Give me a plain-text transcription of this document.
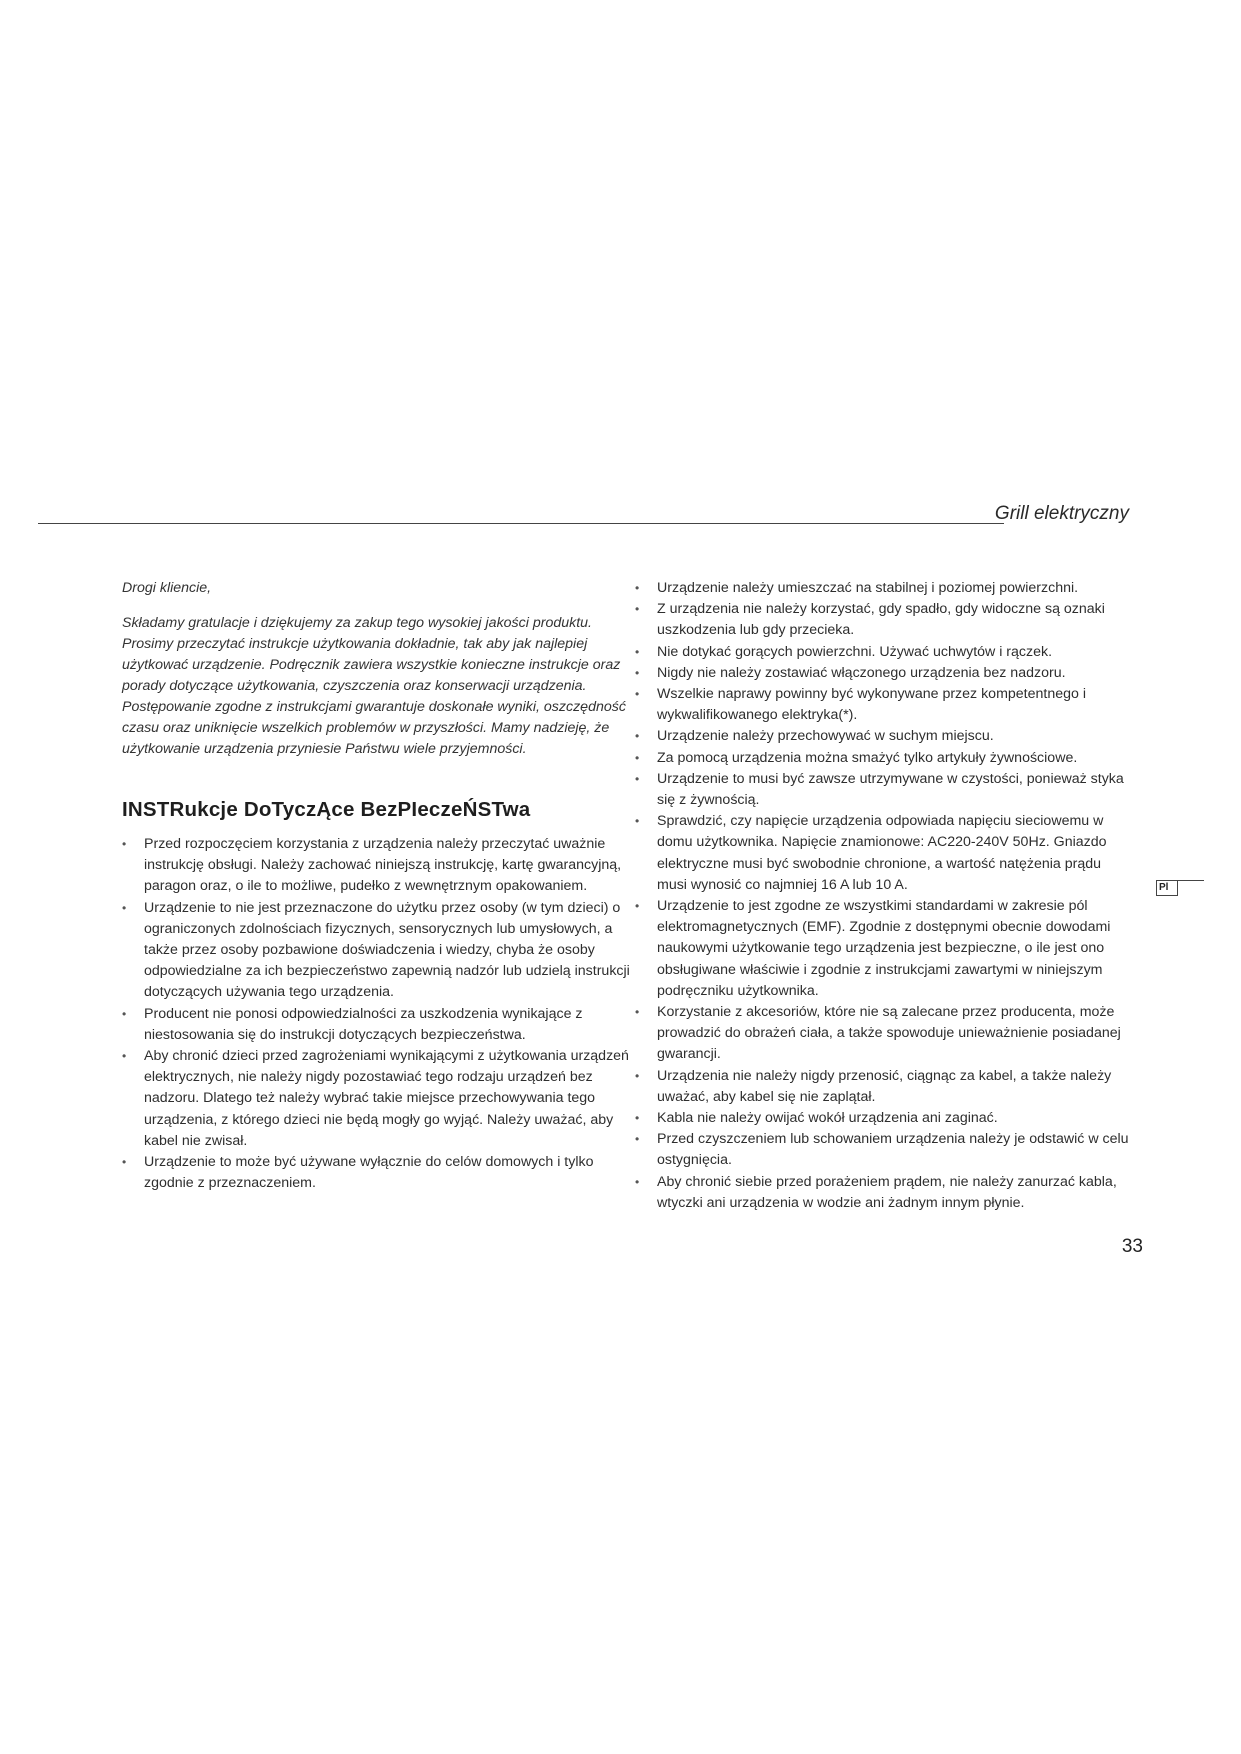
Grill elektryczny

Drogi kliencie,

Składamy gratulacje i dziękujemy za zakup tego wysokiej jakości produktu. Prosimy przeczytać instrukcje użytkowania dokładnie, tak aby jak najlepiej użytkować urządzenie. Podręcznik zawiera wszystkie konieczne instrukcje oraz porady dotyczące użytkowania, czyszczenia oraz konserwacji urządzenia. Postępowanie zgodne z instrukcjami gwarantuje doskonałe wyniki, oszczędność czasu oraz uniknięcie wszelkich problemów w przyszłości. Mamy nadzieję, że użytkowanie urządzenia przyniesie Państwu wiele przyjemności.

INSTRukcje DoTyczĄce BezPIeczeŃSTwa
• Przed rozpoczęciem korzystania z urządzenia należy przeczytać uważnie instrukcję obsługi. Należy zachować niniejszą instrukcję, kartę gwarancyjną, paragon oraz, o ile to możliwe, pudełko z wewnętrznym opakowaniem.
• Urządzenie to nie jest przeznaczone do użytku przez osoby (w tym dzieci) o ograniczonych zdolnościach fizycznych, sensorycznych lub umysłowych, a także przez osoby pozbawione doświadczenia i wiedzy, chyba że osoby odpowiedzialne za ich bezpieczeństwo zapewnią nadzór lub udzielą instrukcji dotyczących używania tego urządzenia.
• Producent nie ponosi odpowiedzialności za uszkodzenia wynikające z niestosowania się do instrukcji dotyczących bezpieczeństwa.
• Aby chronić dzieci przed zagrożeniami wynikającymi z użytkowania urządzeń elektrycznych, nie należy nigdy pozostawiać tego rodzaju urządzeń bez nadzoru. Dlatego też należy wybrać takie miejsce przechowywania tego urządzenia, z którego dzieci nie będą mogły go wyjąć. Należy uważać, aby kabel nie zwisał.
• Urządzenie to może być używane wyłącznie do celów domowych i tylko zgodnie z przeznaczeniem.
• Urządzenie należy umieszczać na stabilnej i poziomej powierzchni.
• Z urządzenia nie należy korzystać, gdy spadło, gdy widoczne są oznaki uszkodzenia lub gdy przecieka.
• Nie dotykać gorących powierzchni. Używać uchwytów i rączek.
• Nigdy nie należy zostawiać włączonego urządzenia bez nadzoru.
• Wszelkie naprawy powinny być wykonywane przez kompetentnego i wykwalifikowanego elektryka(*).
• Urządzenie należy przechowywać w suchym miejscu.
• Za pomocą urządzenia można smażyć tylko artykuły żywnościowe.
• Urządzenie to musi być zawsze utrzymywane w czystości, ponieważ styka się z żywnością.
• Sprawdzić, czy napięcie urządzenia odpowiada napięciu sieciowemu w domu użytkownika. Napięcie znamionowe: AC220-240V 50Hz. Gniazdo elektryczne musi być swobodnie chronione, a wartość natężenia prądu musi wynosić co najmniej 16 A lub 10 A.
• Urządzenie to jest zgodne ze wszystkimi standardami w zakresie pól elektromagnetycznych (EMF). Zgodnie z dostępnymi obecnie dowodami naukowymi użytkowanie tego urządzenia jest bezpieczne, o ile jest ono obsługiwane właściwie i zgodnie z instrukcjami zawartymi w niniejszym podręczniku użytkownika.
• Korzystanie z akcesoriów, które nie są zalecane przez producenta, może prowadzić do obrażeń ciała, a także spowoduje unieważnienie posiadanej gwarancji.
• Urządzenia nie należy nigdy przenosić, ciągnąc za kabel, a także należy uważać, aby kabel się nie zaplątał.
• Kabla nie należy owijać wokół urządzenia ani zaginać.
• Przed czyszczeniem lub schowaniem urządzenia należy je odstawić w celu ostygnięcia.
• Aby chronić siebie przed porażeniem prądem, nie należy zanurzać kabla, wtyczki ani urządzenia w wodzie ani żadnym innym płynie.
Pl
33
